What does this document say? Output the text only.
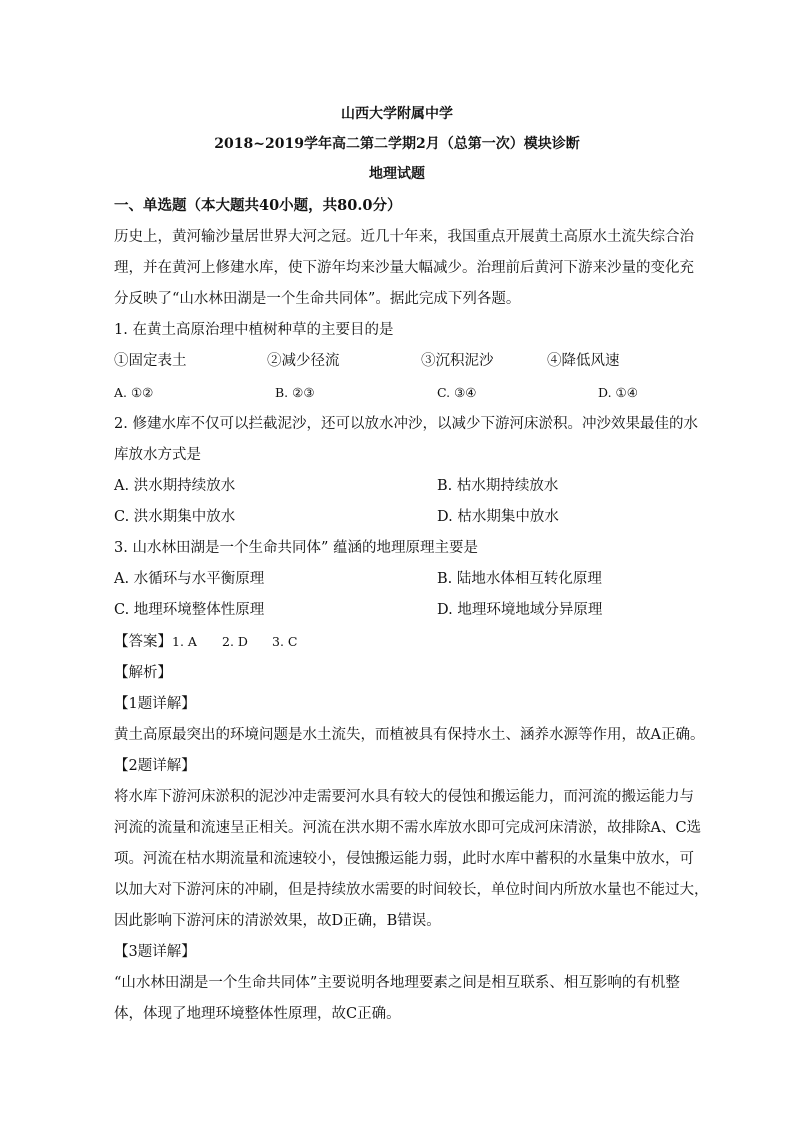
山西大学附属中学
2018~2019学年高二第二学期2月（总第一次）模块诊断
地理试题
一、单选题（本大题共40小题，共80.0分）
历史上，黄河输沙量居世界大河之冠。近几十年来，我国重点开展黄土高原水土流失综合治
理，并在黄河上修建水库，使下游年均来沙量大幅减少。治理前后黄河下游来沙量的变化充
分反映了“山水林田湖是一个生命共同体”。据此完成下列各题。
1. 在黄土高原治理中植树种草的主要目的是
①固定表土	②减少径流	③沉积泥沙	④降低风速
A. ①②	B. ②③	C. ③④	D. ①④
2. 修建水库不仅可以拦截泥沙，还可以放水冲沙，以减少下游河床淤积。冲沙效果最佳的水
库放水方式是
A. 洪水期持续放水	B. 枯水期持续放水
C. 洪水期集中放水	D. 枯水期集中放水
3. 山水林田湖是一个生命共同体” 蕴涵的地理原理主要是
A. 水循环与水平衡原理	B. 陆地水体相互转化原理
C. 地理环境整体性原理	D. 地理环境地域分异原理
【答案】1. A 2. D 3. C
【解析】
【1题详解】
黄土高原最突出的环境问题是水土流失，而植被具有保持水土、涵养水源等作用，故A正确。
【2题详解】
将水库下游河床淤积的泥沙冲走需要河水具有较大的侵蚀和搬运能力，而河流的搬运能力与
河流的流量和流速呈正相关。河流在洪水期不需水库放水即可完成河床清淤，故排除A、C选
项。河流在枯水期流量和流速较小，侵蚀搬运能力弱，此时水库中蓄积的水量集中放水，可
以加大对下游河床的冲刷，但是持续放水需要的时间较长，单位时间内所放水量也不能过大，
因此影响下游河床的清淤效果，故D正确，B错误。
【3题详解】
“山水林田湖是一个生命共同体”主要说明各地理要素之间是相互联系、相互影响的有机整
体，体现了地理环境整体性原理，故C正确。
